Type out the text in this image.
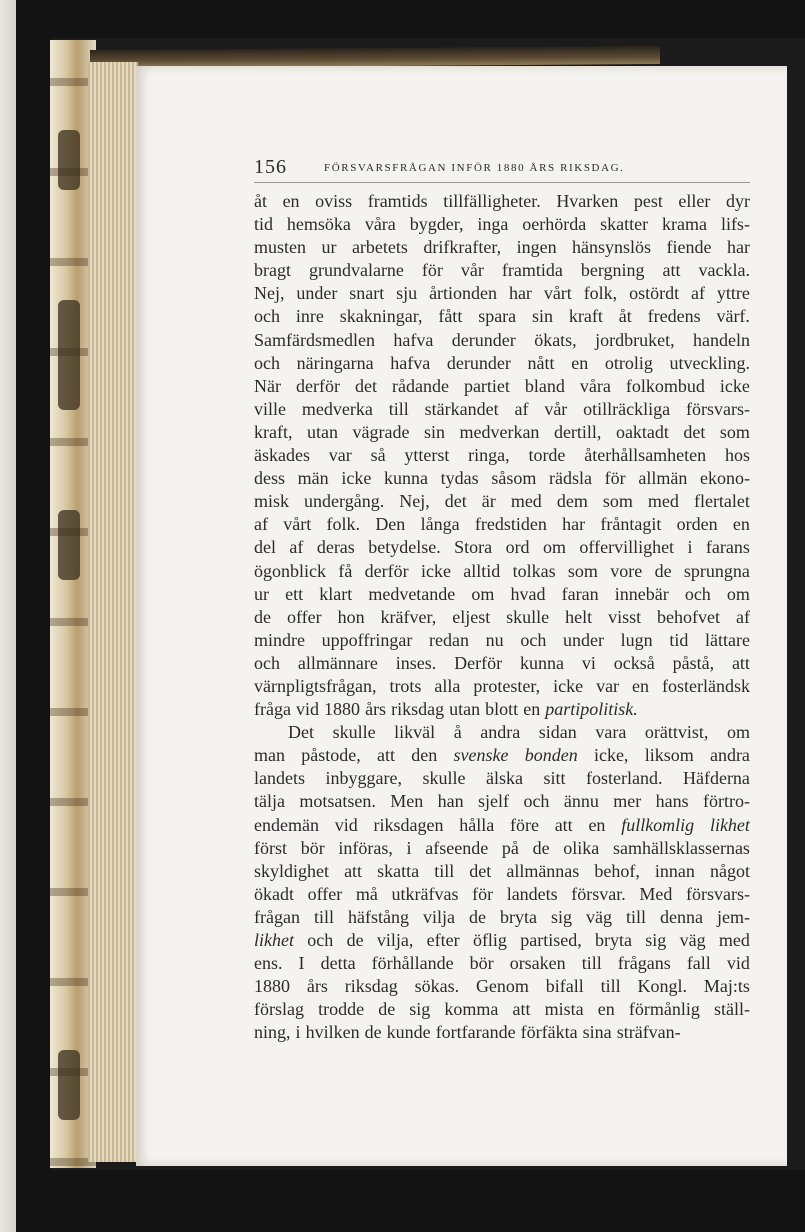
156	FÖRSVARSFRÅGAN INFÖR 1880 ÅRS RIKSDAG.
åt en oviss framtids tillfälligheter. Hvarken pest eller dyr
tid hemsöka våra bygder, inga oerhörda skatter krama lifs-
musten ur arbetets drifkrafter, ingen hänsynslös fiende har
bragt grundvalarne för vår framtida bergning att vackla.
Nej, under snart sju årtionden har vårt folk, ostördt af yttre
och inre skakningar, fått spara sin kraft åt fredens värf.
Samfärdsmedlen hafva derunder ökats, jordbruket, handeln
och näringarna hafva derunder nått en otrolig utveckling.
När derför det rådande partiet bland våra folkombud icke
ville medverka till stärkandet af vår otillräckliga försvars-
kraft, utan vägrade sin medverkan dertill, oaktadt det som
äskades var så ytterst ringa, torde återhållsamheten hos
dess män icke kunna tydas såsom rädsla för allmän ekono-
misk undergång. Nej, det är med dem som med flertalet
af vårt folk. Den långa fredstiden har fråntagit orden en
del af deras betydelse. Stora ord om offervillighet i farans
ögonblick få derför icke alltid tolkas som vore de sprungna
ur ett klart medvetande om hvad faran innebär och om
de offer hon kräfver, eljest skulle helt visst behofvet af
mindre uppoffringar redan nu och under lugn tid lättare
och allmännare inses. Derför kunna vi också påstå, att
värnpligtsfrågan, trots alla protester, icke var en fosterländsk
fråga vid 1880 års riksdag utan blott en partipolitisk.
Det skulle likväl å andra sidan vara orättvist, om
man påstode, att den svenske bonden icke, liksom andra
landets inbyggare, skulle älska sitt fosterland. Häfderna
tälja motsatsen. Men han sjelf och ännu mer hans förtro-
endemän vid riksdagen hålla före att en fullkomlig likhet
först bör införas, i afseende på de olika samhällsklassernas
skyldighet att skatta till det allmännas behof, innan något
ökadt offer må utkräfvas för landets försvar. Med försvars-
frågan till häfstång vilja de bryta sig väg till denna jem-
likhet och de vilja, efter öflig partised, bryta sig väg med
ens. I detta förhållande bör orsaken till frågans fall vid
1880 års riksdag sökas. Genom bifall till Kongl. Maj:ts
förslag trodde de sig komma att mista en förmånlig ställ-
ning, i hvilken de kunde fortfarande förfäkta sina sträfvan-
